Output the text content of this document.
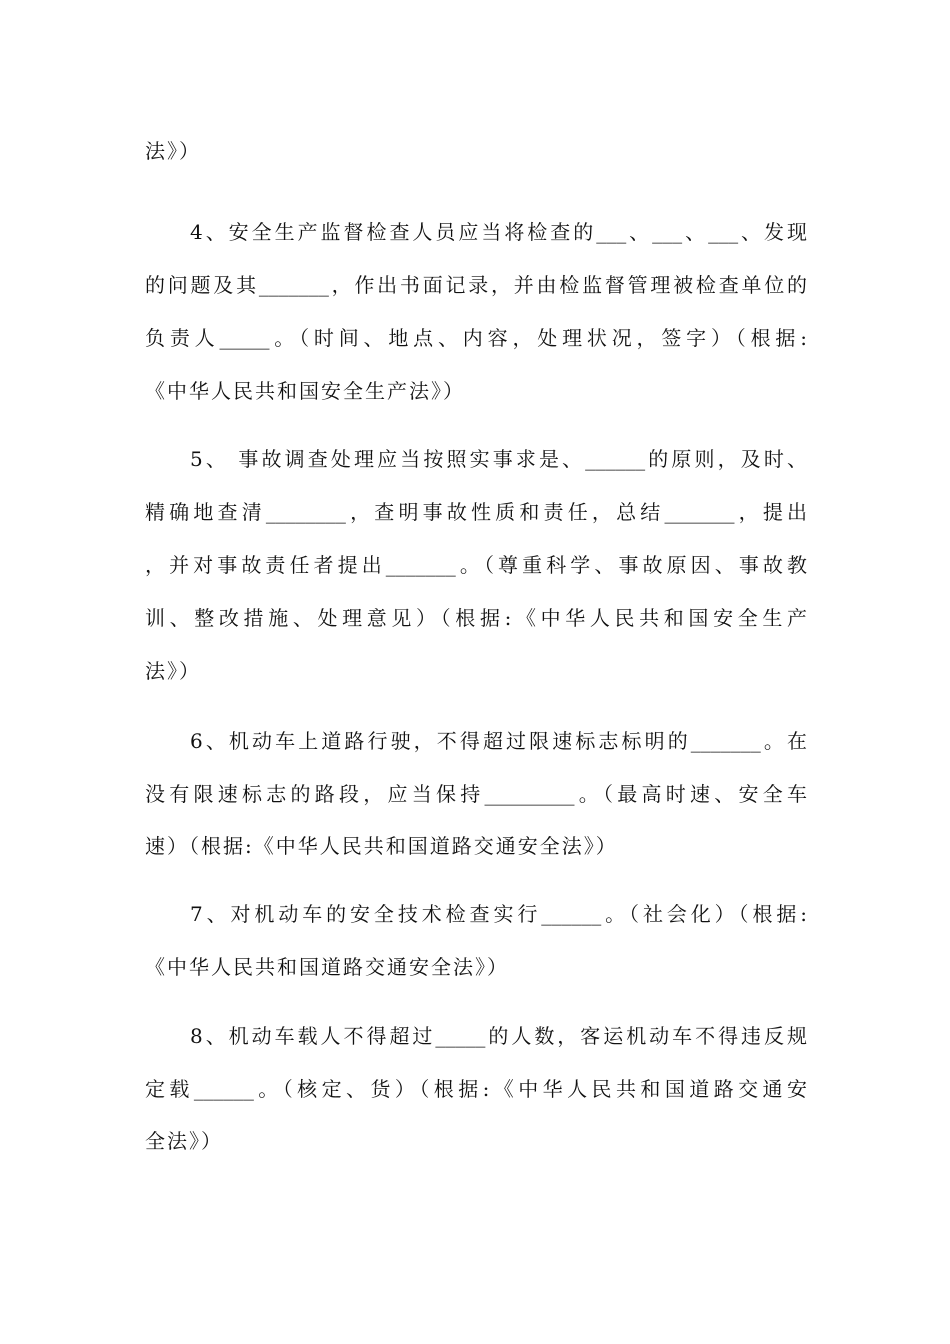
法》）
4、安全生产监督检查人员应当将检查的___、___、___、发现
的问题及其_______，作出书面记录，并由检监督管理被检查单位的
负责人_____。（时间、地点、内容，处理状况，签字）（根据:
《中华人民共和国安全生产法》）
5、 事故调查处理应当按照实事求是、______的原则，及时、
精确地查清________，查明事故性质和责任，总结_______，提出
，并对事故责任者提出_______。（尊重科学、事故原因、事故教
训、整改措施、处理意见）（根据:《中华人民共和国安全生产
法》）
6、机动车上道路行驶，不得超过限速标志标明的_______。在
没有限速标志的路段，应当保持_________。（最高时速、安全车
速）（根据:《中华人民共和国道路交通安全法》）
7、对机动车的安全技术检查实行______。（社会化）（根据:
《中华人民共和国道路交通安全法》）
8、机动车载人不得超过_____的人数，客运机动车不得违反规
定载______。（核定、货）（根据:《中华人民共和国道路交通安
全法》）
